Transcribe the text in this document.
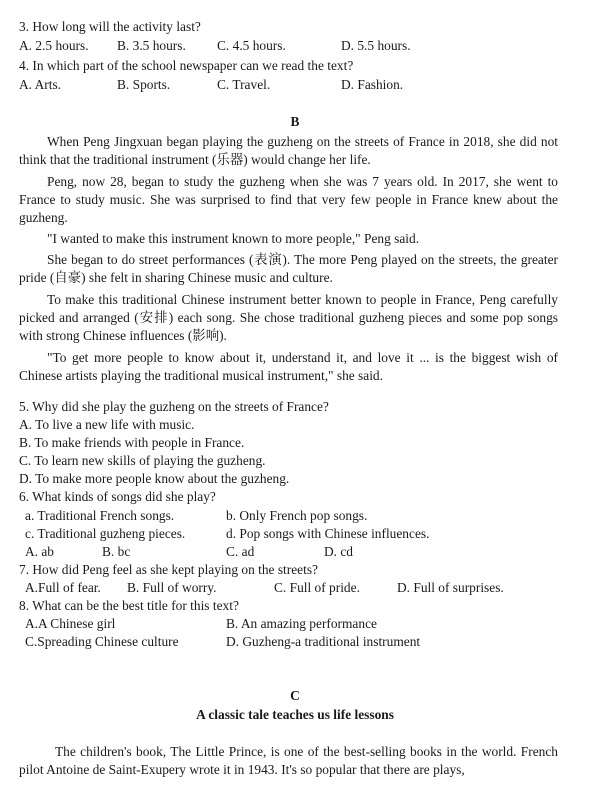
3. How long will the activity last?
A. 2.5 hours. B. 3.5 hours. C. 4.5 hours.	D. 5.5 hours.
4. In which part of the school newspaper can we read the text?
A. Arts.	B. Sports.	C. Travel.	D. Fashion.
B

When Peng Jingxuan began playing the guzheng on the streets of France in 2018, she did not think that the traditional instrument (乐器) would change her life.

Peng, now 28, began to study the guzheng when she was 7 years old. In 2017, she went to France to study music. She was surprised to find that very few people in France knew about the guzheng.

"I wanted to make this instrument known to more people," Peng said.

She began to do street performances (表演). The more Peng played on the streets, the greater pride (自豪) she felt in sharing Chinese music and culture.

To make this traditional Chinese instrument better known to people in France, Peng carefully picked and arranged (安排) each song. She chose traditional guzheng pieces and some pop songs with strong Chinese influences (影响).

"To get more people to know about it, understand it, and love it ... is the biggest wish of Chinese artists playing the traditional musical instrument," she said.

5. Why did she play the guzheng on the streets of France?
A. To live a new life with music.
B. To make friends with people in France.
C. To learn new skills of playing the guzheng.
D. To make more people know about the guzheng.
6. What kinds of songs did she play?
a. Traditional French songs.	b. Only French pop songs.
c. Traditional guzheng pieces.	d. Pop songs with Chinese influences.
A. ab	B. bc	C. ad	D. cd
7. How did Peng feel as she kept playing on the streets?
A.Full of fear. B. Full of worry.	C. Full of pride.	D. Full of surprises.
8. What can be the best title for this text?
A.A Chinese girl	B. An amazing performance
C.Spreading Chinese culture	D. Guzheng-a traditional instrument
C
A classic tale teaches us life lessons

The children's book, The Little Prince, is one of the best-selling books in the world. French pilot Antoine de Saint-Exupery wrote it in 1943. It's so popular that there are plays,
